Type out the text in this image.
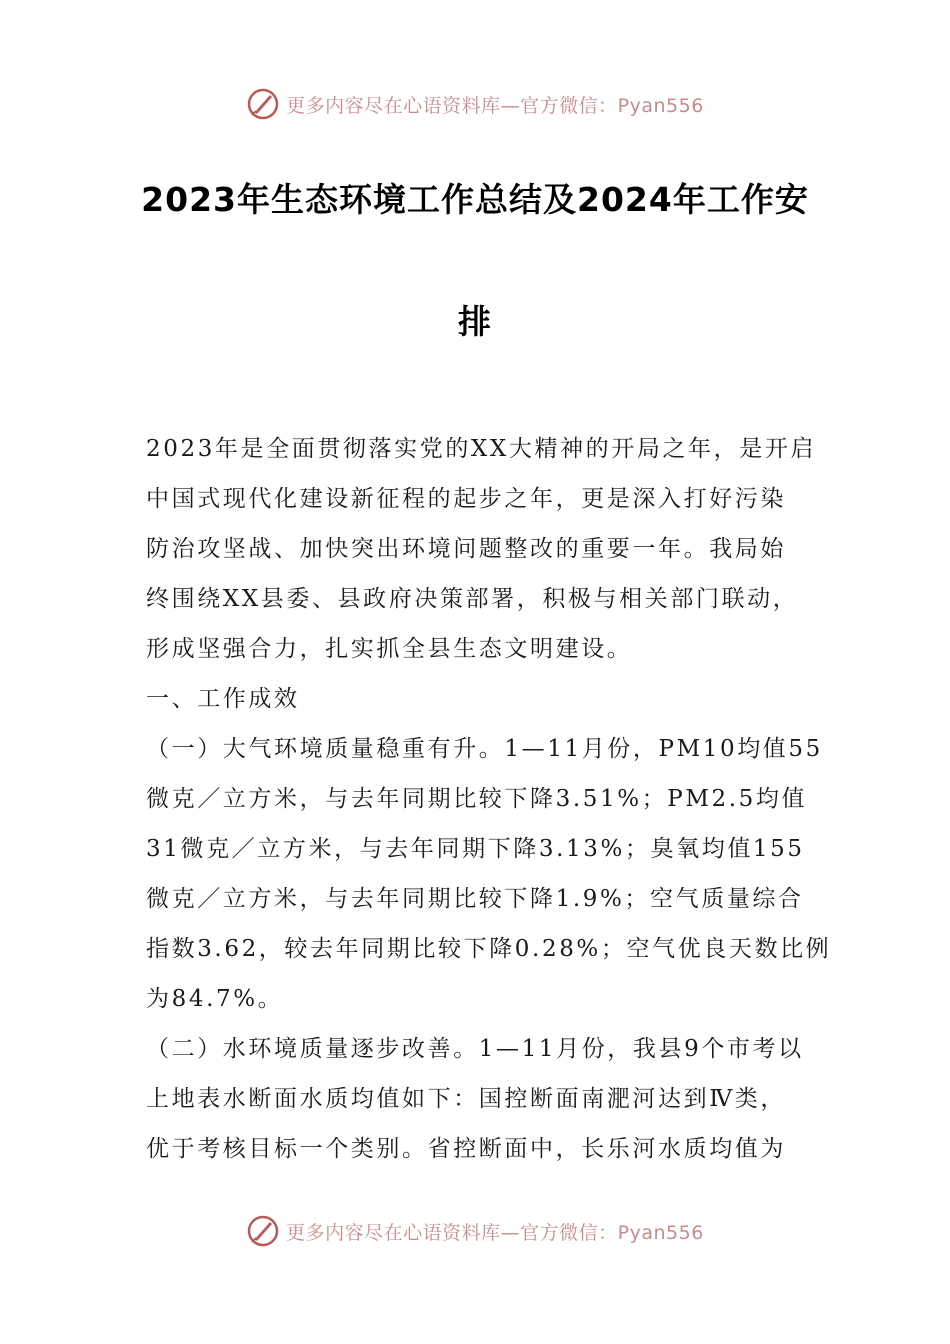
更多内容尽在心语资料库—官方微信：Pyan556
2023年生态环境工作总结及2024年工作安
排
2023年是全面贯彻落实党的XX大精神的开局之年，是开启
中国式现代化建设新征程的起步之年，更是深入打好污染
防治攻坚战、加快突出环境问题整改的重要一年。我局始
终围绕XX县委、县政府决策部署，积极与相关部门联动，
形成坚强合力，扎实抓全县生态文明建设。
一、工作成效
（一）大气环境质量稳重有升。1—11月份，PM10均值55
微克／立方米，与去年同期比较下降3.51%；PM2.5均值
31微克／立方米，与去年同期下降3.13%；臭氧均值155
微克／立方米，与去年同期比较下降1.9%；空气质量综合
指数3.62，较去年同期比较下降0.28%；空气优良天数比例
为84.7%。
（二）水环境质量逐步改善。1—11月份，我县9个市考以
上地表水断面水质均值如下：国控断面南淝河达到Ⅳ类，
优于考核目标一个类别。省控断面中，长乐河水质均值为
更多内容尽在心语资料库—官方微信：Pyan556
